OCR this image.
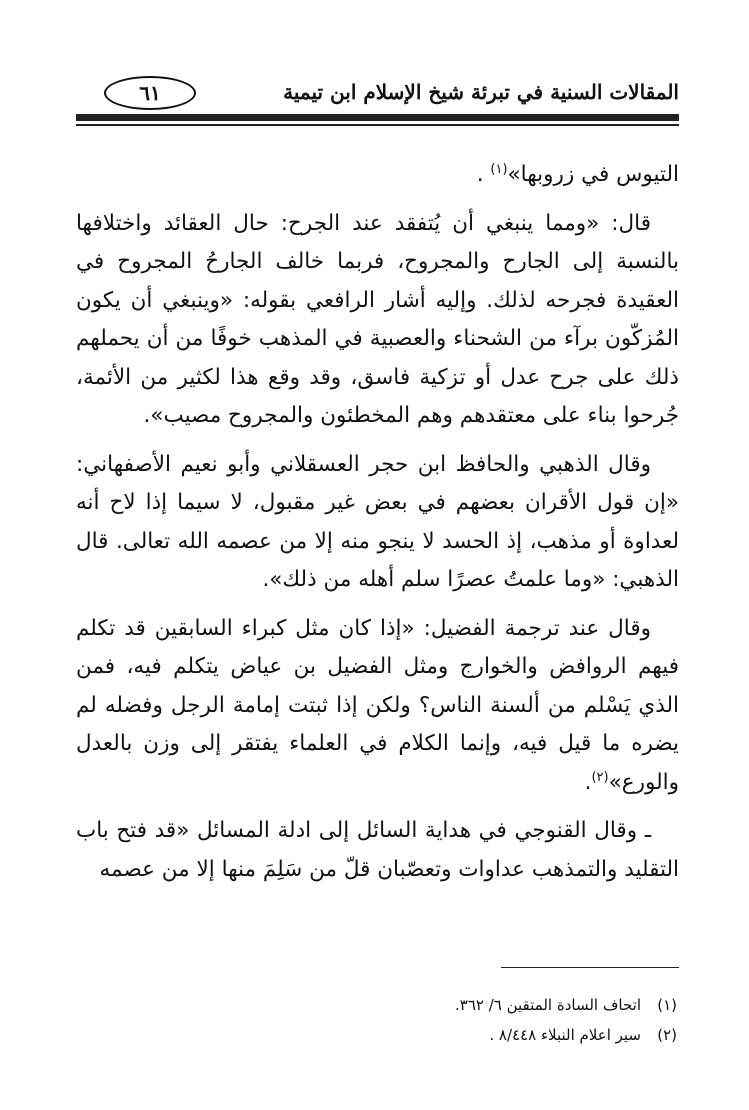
المقالات السنية في تبرئة شيخ الإسلام ابن تيمية
٦١

التيوس في زروبها»$^{(١)}$ .

قال: «ومما ينبغي أن يُتفقد عند الجرح: حال العقائد واختلافها بالنسبة إلى الجارح والمجروح، فربما خالف الجارحُ المجروح في العقيدة فجرحه لذلك. وإليه أشار الرافعي بقوله: «وينبغي أن يكون المُزكّون برآء من الشحناء والعصبية في المذهب خوفًا من أن يحملهم ذلك على جرح عدل أو تزكية فاسق، وقد وقع هذا لكثير من الأئمة، جُرحوا بناء على معتقدهم وهم المخطئون والمجروح مصيب».

وقال الذهبي والحافظ ابن حجر العسقلاني وأبو نعيم الأصفهاني: «إن قول الأقران بعضهم في بعض غير مقبول، لا سيما إذا لاح أنه لعداوة أو مذهب، إذ الحسد لا ينجو منه إلا من عصمه الله تعالى. قال الذهبي: «وما علمتُ عصرًا سلم أهله من ذلك».

وقال عند ترجمة الفضيل: «إذا كان مثل كبراء السابقين قد تكلم فيهم الروافض والخوارج ومثل الفضيل بن عياض يتكلم فيه، فمن الذي يَسْلم من ألسنة الناس؟ ولكن إذا ثبتت إمامة الرجل وفضله لم يضره ما قيل فيه، وإنما الكلام في العلماء يفتقر إلى وزن بالعدل والورع»$^{(٢)}$.

ـ وقال القنوجي في هداية السائل إلى ادلة المسائل «قد فتح باب التقليد والتمذهب عداوات وتعصّبان قلّ من سَلِمَ منها إلا من عصمه

(١)
اتحاف السادة المتقين ٦/ ٣٦٢.
(٢)
سير اعلام النبلاء ٨/٤٤٨ .
